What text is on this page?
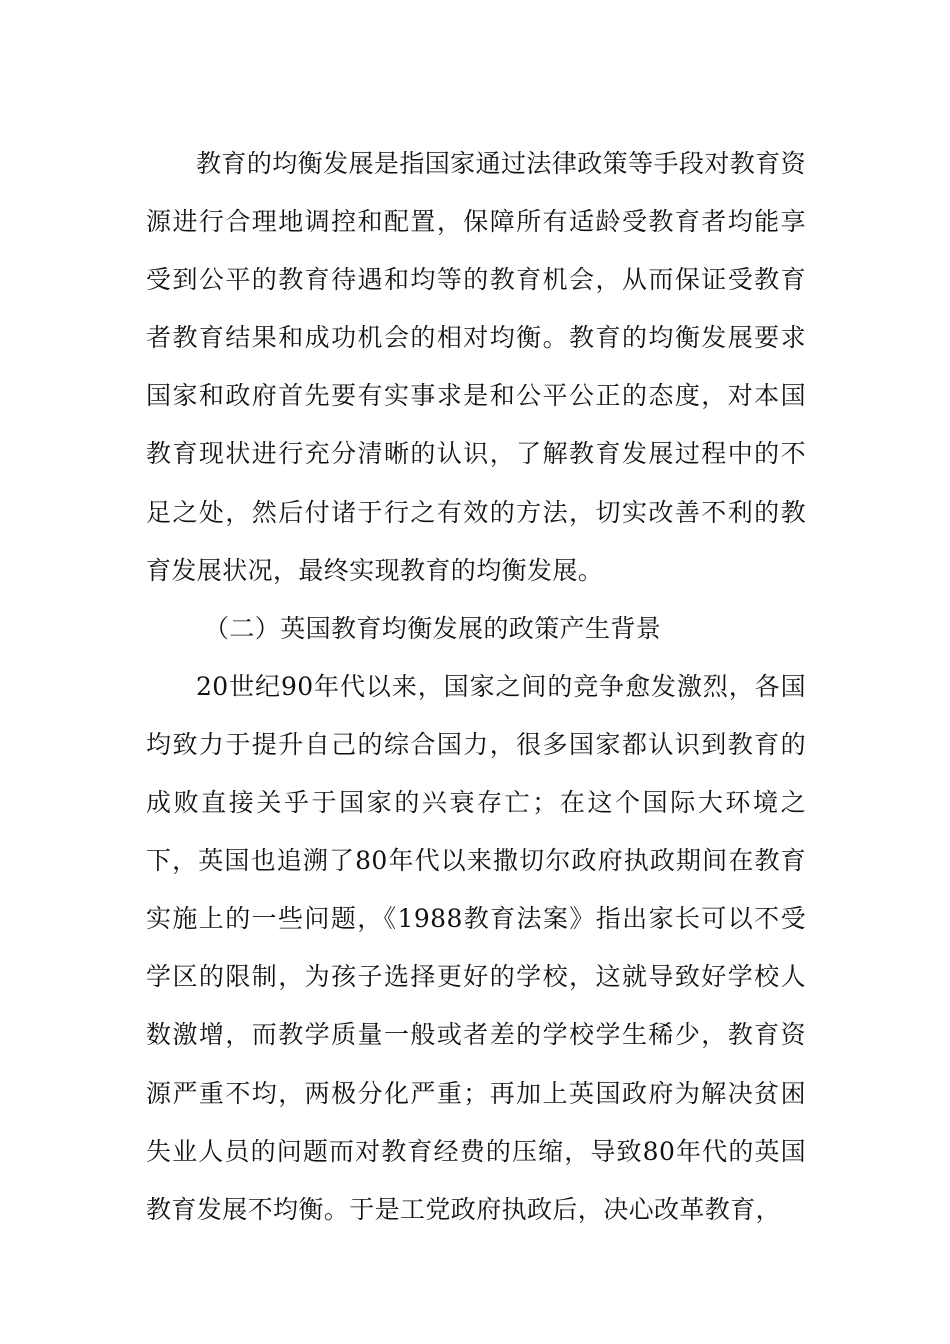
教育的均衡发展是指国家通过法律政策等手段对教育资源进行合理地调控和配置，保障所有适龄受教育者均能享受到公平的教育待遇和均等的教育机会，从而保证受教育者教育结果和成功机会的相对均衡。教育的均衡发展要求国家和政府首先要有实事求是和公平公正的态度，对本国教育现状进行充分清晰的认识，了解教育发展过程中的不足之处，然后付诸于行之有效的方法，切实改善不利的教育发展状况，最终实现教育的均衡发展。

（二）英国教育均衡发展的政策产生背景

20世纪90年代以来，国家之间的竞争愈发激烈，各国均致力于提升自己的综合国力，很多国家都认识到教育的成败直接关乎于国家的兴衰存亡；在这个国际大环境之下，英国也追溯了80年代以来撒切尔政府执政期间在教育实施上的一些问题，《1988教育法案》指出家长可以不受学区的限制，为孩子选择更好的学校，这就导致好学校人数激增，而教学质量一般或者差的学校学生稀少，教育资源严重不均，两极分化严重；再加上英国政府为解决贫困失业人员的问题而对教育经费的压缩，导致80年代的英国教育发展不均衡。于是工党政府执政后，决心改革教育，
